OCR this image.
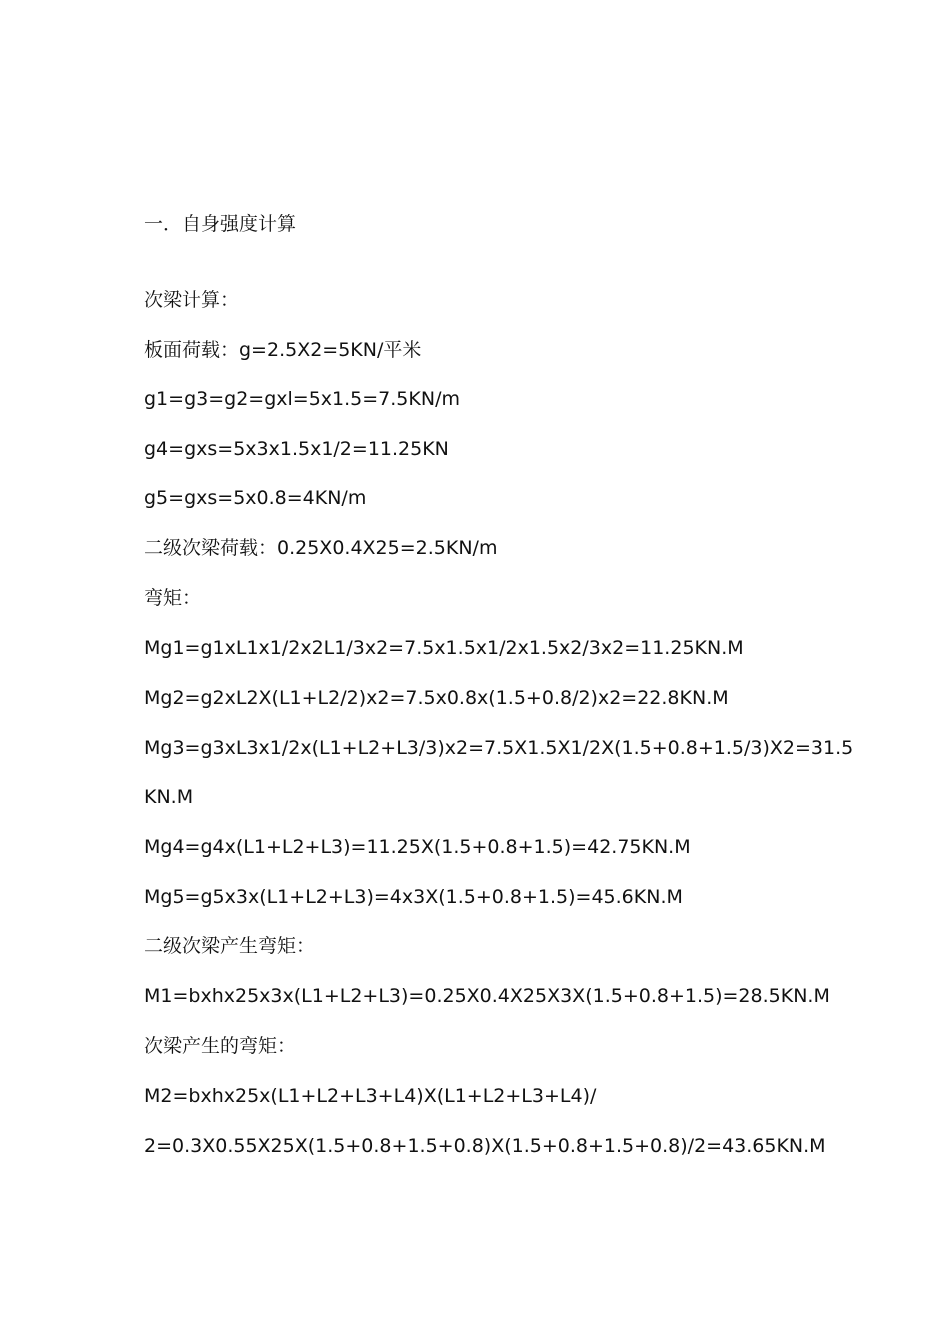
一．自身强度计算
次梁计算：
板面荷载：g=2.5X2=5KN/平米
g1=g3=g2=gxl=5x1.5=7.5KN/m
g4=gxs=5x3x1.5x1/2=11.25KN
g5=gxs=5x0.8=4KN/m
二级次梁荷载：0.25X0.4X25=2.5KN/m
弯矩：
Mg1=g1xL1x1/2x2L1/3x2=7.5x1.5x1/2x1.5x2/3x2=11.25KN.M
Mg2=g2xL2X(L1+L2/2)x2=7.5x0.8x(1.5+0.8/2)x2=22.8KN.M
Mg3=g3xL3x1/2x(L1+L2+L3/3)x2=7.5X1.5X1/2X(1.5+0.8+1.5/3)X2=31.5
KN.M
Mg4=g4x(L1+L2+L3)=11.25X(1.5+0.8+1.5)=42.75KN.M
Mg5=g5x3x(L1+L2+L3)=4x3X(1.5+0.8+1.5)=45.6KN.M
二级次梁产生弯矩：
M1=bxhx25x3x(L1+L2+L3)=0.25X0.4X25X3X(1.5+0.8+1.5)=28.5KN.M
次梁产生的弯矩：
M2=bxhx25x(L1+L2+L3+L4)X(L1+L2+L3+L4)/
2=0.3X0.55X25X(1.5+0.8+1.5+0.8)X(1.5+0.8+1.5+0.8)/2=43.65KN.M
